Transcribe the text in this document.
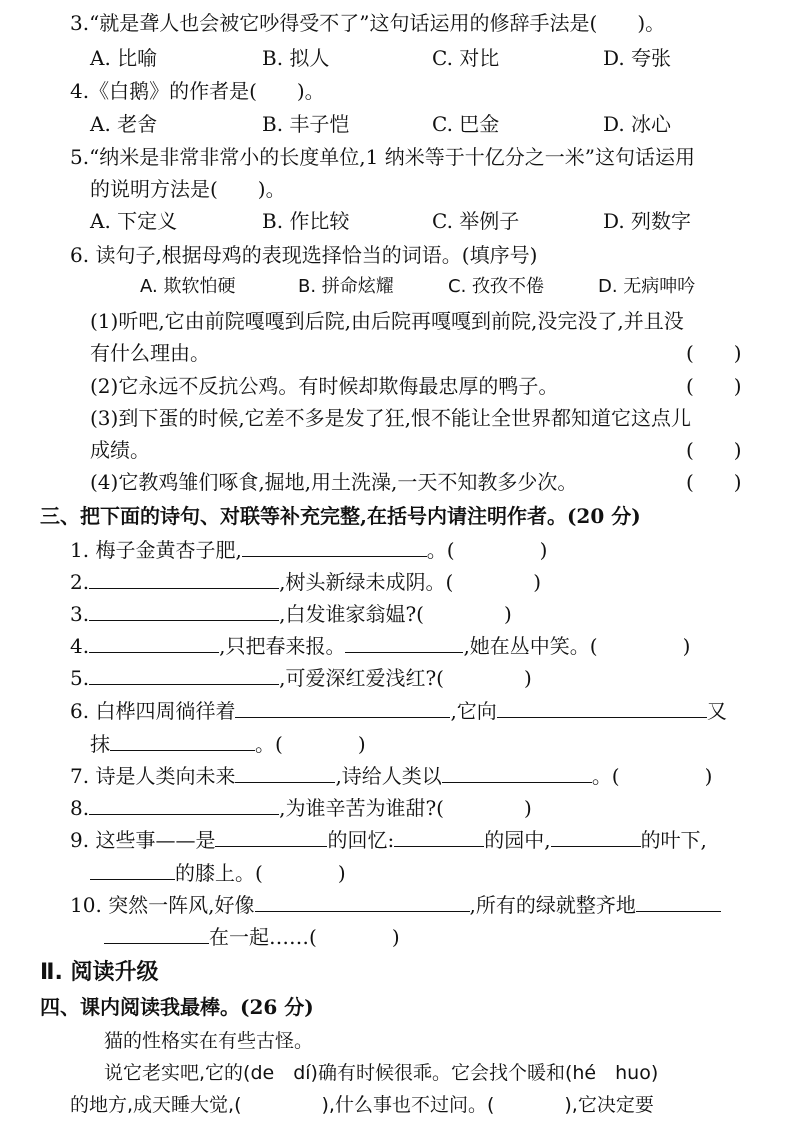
3.“就是聋人也会被它吵得受不了”这句话运用的修辞手法是(　　)。
A. 比喻	B. 拟人	C. 对比	D. 夸张
4.《白鹅》的作者是(　　)。
A. 老舍	B. 丰子恺	C. 巴金	D. 冰心
5.“纳米是非常非常小的长度单位,1 纳米等于十亿分之一米”这句话运用
的说明方法是(　　)。
A. 下定义	B. 作比较	C. 举例子	D. 列数字
6. 读句子,根据母鸡的表现选择恰当的词语。(填序号)
A. 欺软怕硬	B. 拼命炫耀	C. 孜孜不倦	D. 无病呻吟
(1)听吧,它由前院嘎嘎到后院,由后院再嘎嘎到前院,没完没了,并且没
有什么理由。	(　　)
(2)它永远不反抗公鸡。有时候却欺侮最忠厚的鸭子。	(　　)
(3)到下蛋的时候,它差不多是发了狂,恨不能让全世界都知道它这点儿
成绩。	(　　)
(4)它教鸡雏们啄食,掘地,用土洗澡,一天不知教多少次。	(　　)
三、把下面的诗句、对联等补充完整,在括号内请注明作者。(20 分)
1. 梅子金黄杏子肥,	。(	)
2.	,树头新绿未成阴。(	)
3.	,白发谁家翁媪?(	)
4.	,只把春来报。	,她在丛中笑。(	)
5.	,可爱深红爱浅红?(	)
6. 白桦四周徜徉着	,它向	又
抹	。(	)
7. 诗是人类向未来	,诗给人类以	。(	)
8.	,为谁辛苦为谁甜?(	)
9. 这些事——是	的回忆:	的园中,	的叶下,
的膝上。(	)
10. 突然一阵风,好像	,所有的绿就整齐地
在一起……(	)
Ⅱ. 阅读升级
四、课内阅读我最棒。(26 分)
猫的性格实在有些古怪。
说它老实吧,它的(de　dí)确有时候很乖。它会找个暖和(hé　huo)
的地方,成天睡大觉,(	),什么事也不过问。(	),它决定要
